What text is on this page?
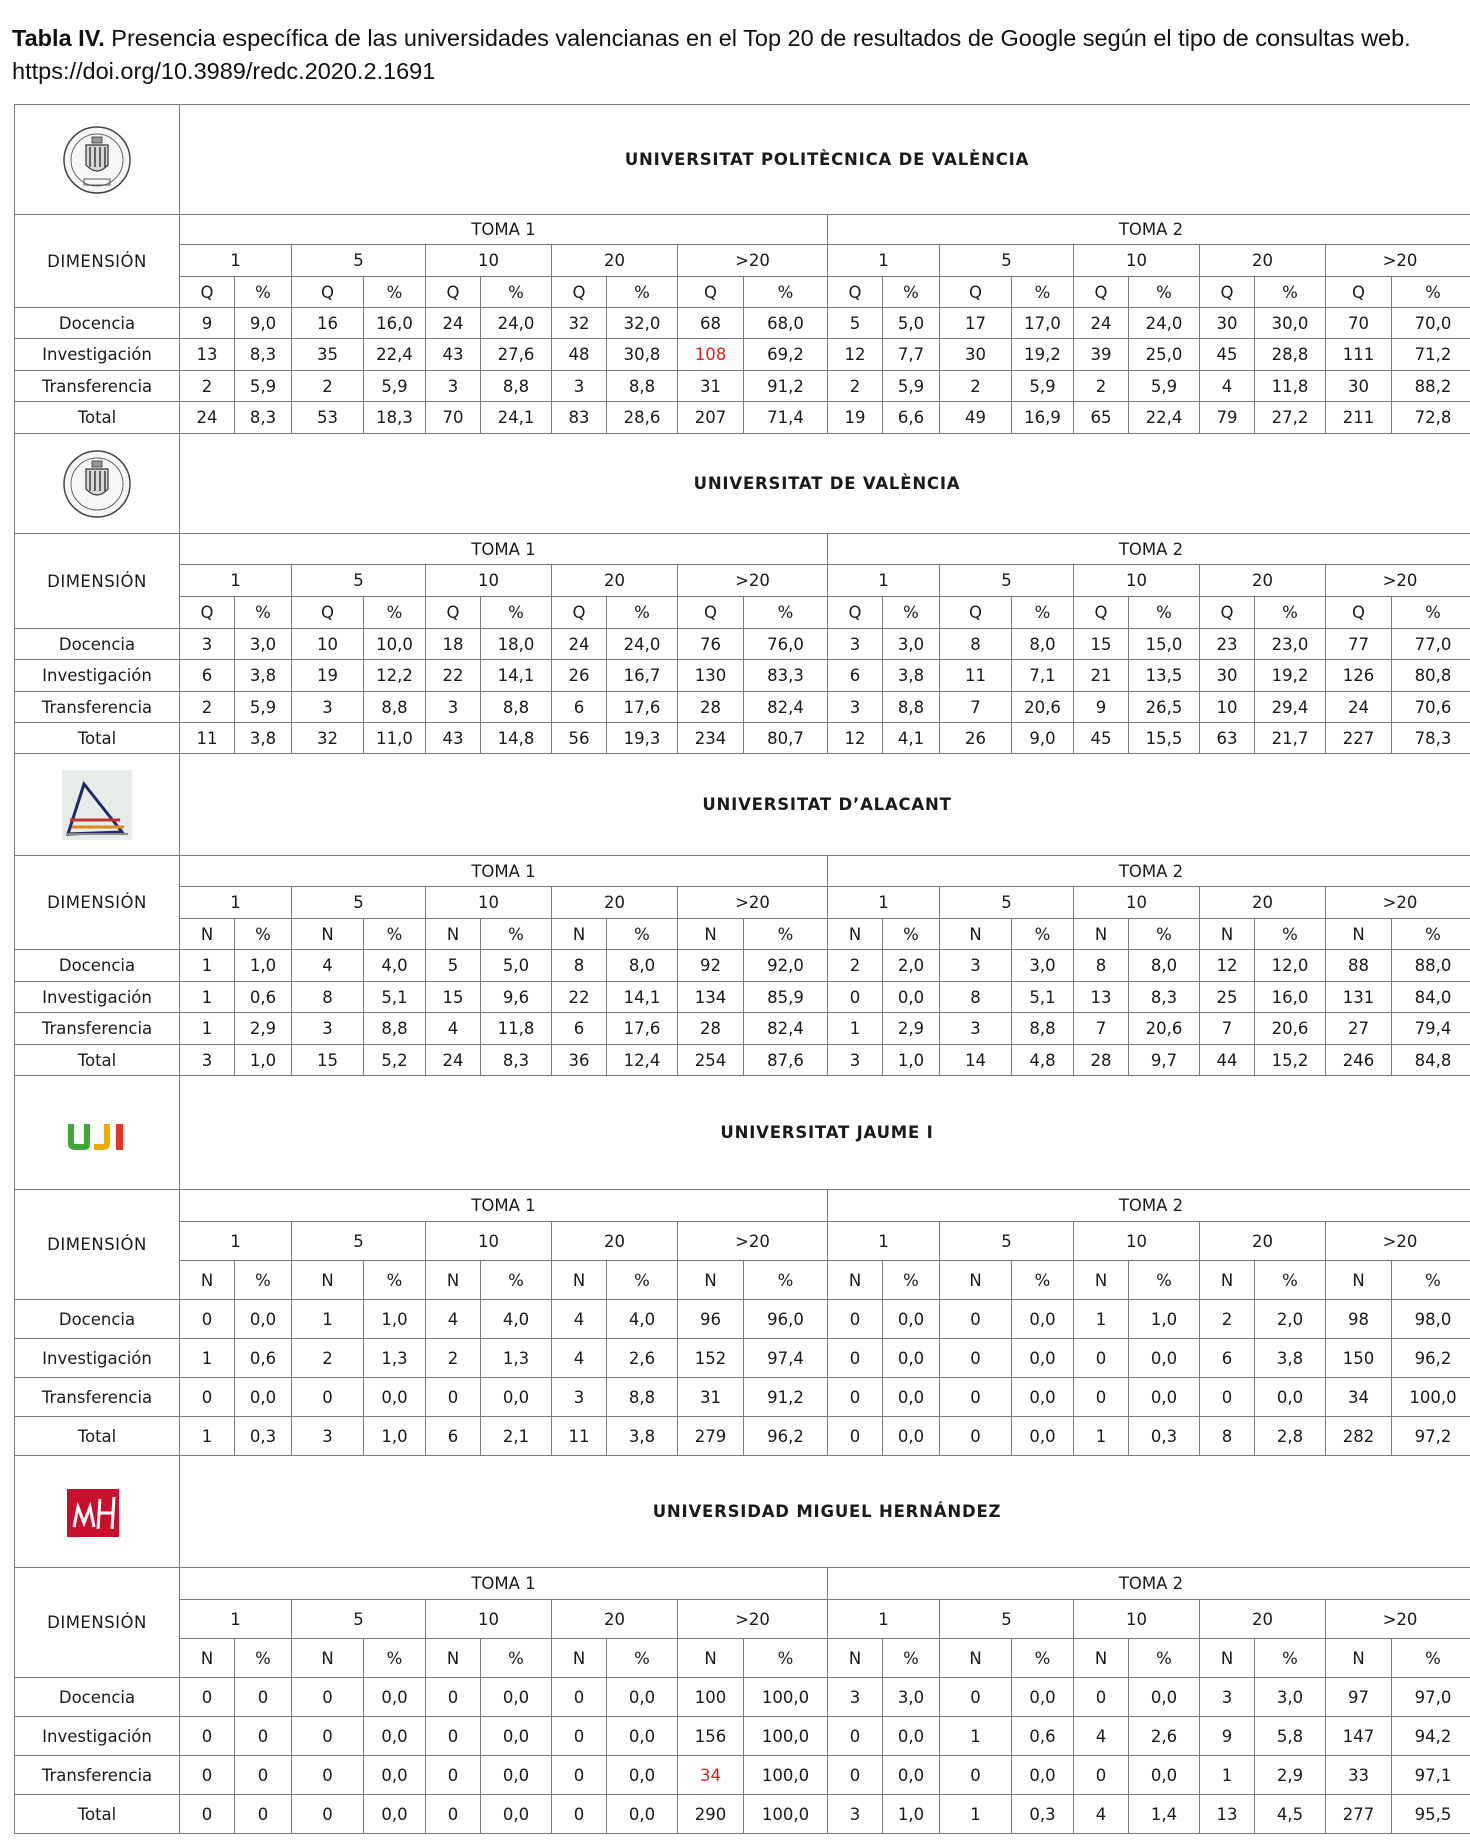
Tabla IV. Presencia específica de las universidades valencianas en el Top 20 de resultados de Google según el tipo de consultas web. https://doi.org/10.3989/redc.2020.2.1691
	UNIVERSITAT POLITÈCNICA DE VALÈNCIA																			
DIMENSIÓN	TOMA 1										TOMA 2									
	1		5		10		20		>20		1		5		10		20		>20	
	Q	%	Q	%	Q	%	Q	%	Q	%	Q	%	Q	%	Q	%	Q	%	Q	%
Docencia	9	9,0	16	16,0	24	24,0	32	32,0	68	68,0	5	5,0	17	17,0	24	24,0	30	30,0	70	70,0
Investigación	13	8,3	35	22,4	43	27,6	48	30,8	108	69,2	12	7,7	30	19,2	39	25,0	45	28,8	111	71,2
Transferencia	2	5,9	2	5,9	3	8,8	3	8,8	31	91,2	2	5,9	2	5,9	2	5,9	4	11,8	30	88,2
Total	24	8,3	53	18,3	70	24,1	83	28,6	207	71,4	19	6,6	49	16,9	65	22,4	79	27,2	211	72,8

	UNIVERSITAT DE VALÈNCIA																			
DIMENSIÓN	TOMA 1										TOMA 2									
	1		5		10		20		>20		1		5		10		20		>20	
	Q	%	Q	%	Q	%	Q	%	Q	%	Q	%	Q	%	Q	%	Q	%	Q	%
Docencia	3	3,0	10	10,0	18	18,0	24	24,0	76	76,0	3	3,0	8	8,0	15	15,0	23	23,0	77	77,0
Investigación	6	3,8	19	12,2	22	14,1	26	16,7	130	83,3	6	3,8	11	7,1	21	13,5	30	19,2	126	80,8
Transferencia	2	5,9	3	8,8	3	8,8	6	17,6	28	82,4	3	8,8	7	20,6	9	26,5	10	29,4	24	70,6
Total	11	3,8	32	11,0	43	14,8	56	19,3	234	80,7	12	4,1	26	9,0	45	15,5	63	21,7	227	78,3

	UNIVERSITAT D’ALACANT																			
DIMENSIÓN	TOMA 1										TOMA 2									
	1		5		10		20		>20		1		5		10		20		>20	
	N	%	N	%	N	%	N	%	N	%	N	%	N	%	N	%	N	%	N	%
Docencia	1	1,0	4	4,0	5	5,0	8	8,0	92	92,0	2	2,0	3	3,0	8	8,0	12	12,0	88	88,0
Investigación	1	0,6	8	5,1	15	9,6	22	14,1	134	85,9	0	0,0	8	5,1	13	8,3	25	16,0	131	84,0
Transferencia	1	2,9	3	8,8	4	11,8	6	17,6	28	82,4	1	2,9	3	8,8	7	20,6	7	20,6	27	79,4
Total	3	1,0	15	5,2	24	8,3	36	12,4	254	87,6	3	1,0	14	4,8	28	9,7	44	15,2	246	84,8

	UNIVERSITAT JAUME I																			
DIMENSIÓN	TOMA 1										TOMA 2									
	1		5		10		20		>20		1		5		10		20		>20	
	N	%	N	%	N	%	N	%	N	%	N	%	N	%	N	%	N	%	N	%
Docencia	0	0,0	1	1,0	4	4,0	4	4,0	96	96,0	0	0,0	0	0,0	1	1,0	2	2,0	98	98,0
Investigación	1	0,6	2	1,3	2	1,3	4	2,6	152	97,4	0	0,0	0	0,0	0	0,0	6	3,8	150	96,2
Transferencia	0	0,0	0	0,0	0	0,0	3	8,8	31	91,2	0	0,0	0	0,0	0	0,0	0	0,0	34	100,0
Total	1	0,3	3	1,0	6	2,1	11	3,8	279	96,2	0	0,0	0	0,0	1	0,3	8	2,8	282	97,2

	UNIVERSIDAD MIGUEL HERNÁNDEZ																			
DIMENSIÓN	TOMA 1										TOMA 2									
	1		5		10		20		>20		1		5		10		20		>20	
	N	%	N	%	N	%	N	%	N	%	N	%	N	%	N	%	N	%	N	%
Docencia	0	0	0	0,0	0	0,0	0	0,0	100	100,0	3	3,0	0	0,0	0	0,0	3	3,0	97	97,0
Investigación	0	0	0	0,0	0	0,0	0	0,0	156	100,0	0	0,0	1	0,6	4	2,6	9	5,8	147	94,2
Transferencia	0	0	0	0,0	0	0,0	0	0,0	34	100,0	0	0,0	0	0,0	0	0,0	1	2,9	33	97,1
Total	0	0	0	0,0	0	0,0	0	0,0	290	100,0	3	1,0	1	0,3	4	1,4	13	4,5	277	95,5
